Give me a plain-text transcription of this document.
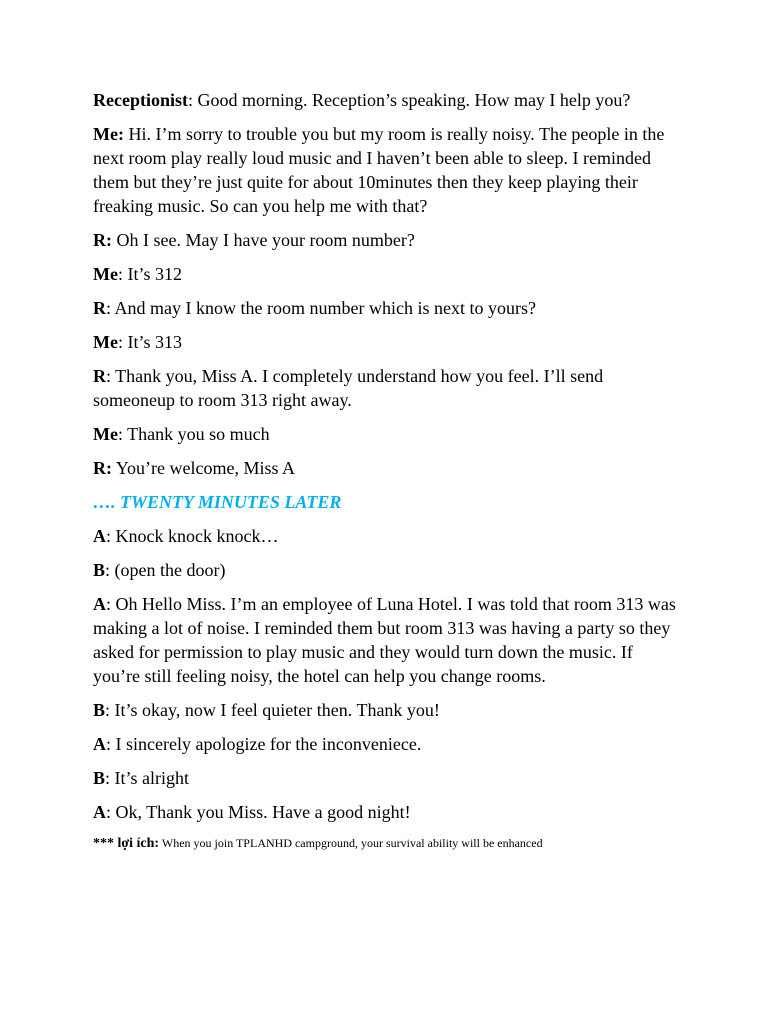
Receptionist: Good morning. Reception’s speaking. How may I help you?

Me: Hi. I’m sorry to trouble you but my room is really noisy. The people in the next room play really loud music and I haven’t been able to sleep. I reminded them but they’re just quite for about 10minutes then they keep playing their freaking music. So can you help me with that?

R: Oh I see. May I have your room number?

Me: It’s 312

R: And may I know the room number which is next to yours?

Me: It’s 313

R: Thank you, Miss A. I completely understand how you feel. I’ll send someoneup to room 313 right away.

Me: Thank you so much

R: You’re welcome, Miss A

…. TWENTY MINUTES LATER

A: Knock knock knock…

B: (open the door)

A: Oh Hello Miss. I’m an employee of Luna Hotel. I was told that room 313 was making a lot of noise. I reminded them but room 313 was having a party so they asked for permission to play music and they would turn down the music. If you’re still feeling noisy, the hotel can help you change rooms.

B: It’s okay, now I feel quieter then. Thank you!

A: I sincerely apologize for the inconveniece.

B: It’s alright

A: Ok, Thank you Miss. Have a good night!

*** lợi ích: When you join TPLANHD campground, your survival ability will be enhanced
